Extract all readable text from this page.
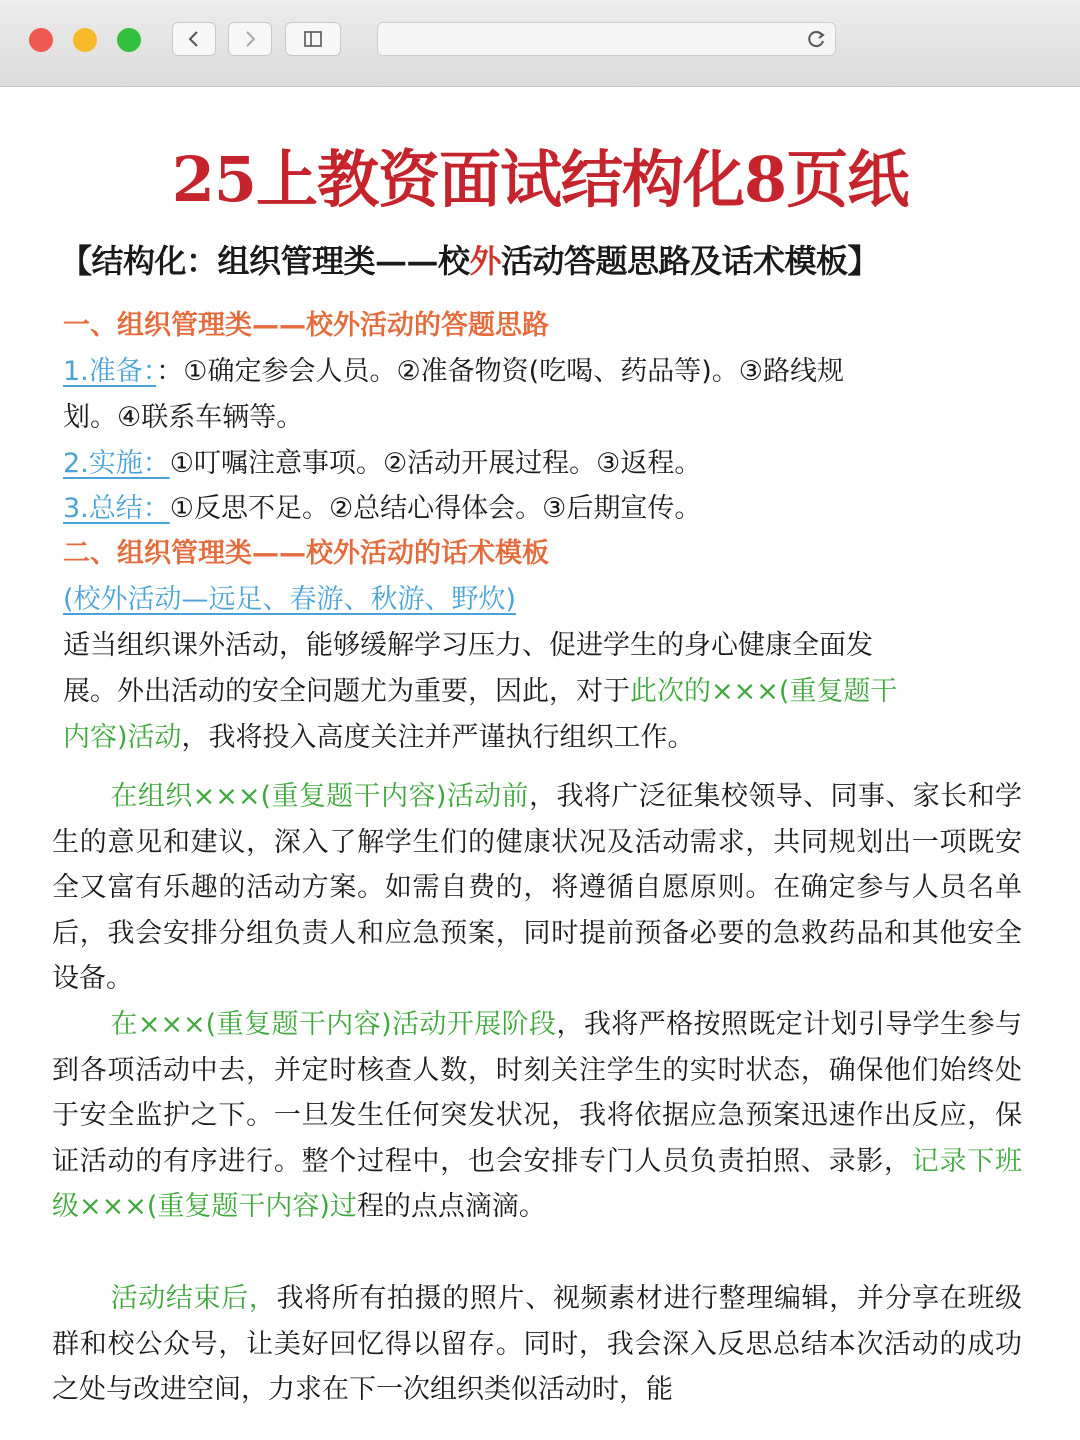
25上教资面试结构化8页纸
【结构化：组织管理类——校外活动答题思路及话术模板】
一、组织管理类——校外活动的答题思路
1.准备：：①确定参会人员。②准备物资(吃喝、药品等)。③路线规
划。④联系车辆等。
2.实施：①叮嘱注意事项。②活动开展过程。③返程。
3.总结：①反思不足。②总结心得体会。③后期宣传。
二、组织管理类——校外活动的话术模板
(校外活动—远足、春游、秋游、野炊)
适当组织课外活动，能够缓解学习压力、促进学生的身心健康全面发
展。外出活动的安全问题尤为重要，因此，对于此次的×××(重复题干
内容)活动，我将投入高度关注并严谨执行组织工作。
在组织×××(重复题干内容)活动前，我将广泛征集校领导、同事、家长和学生的意见和建议，深入了解学生们的健康状况及活动需求，共同规划出一项既安全又富有乐趣的活动方案。如需自费的，将遵循自愿原则。在确定参与人员名单后，我会安排分组负责人和应急预案，同时提前预备必要的急救药品和其他安全设备。
在×××(重复题干内容)活动开展阶段，我将严格按照既定计划引导学生参与到各项活动中去，并定时核查人数，时刻关注学生的实时状态，确保他们始终处于安全监护之下。一旦发生任何突发状况，我将依据应急预案迅速作出反应，保证活动的有序进行。整个过程中，也会安排专门人员负责拍照、录影，记录下班级×××(重复题干内容)过程的点点滴滴。
活动结束后，我将所有拍摄的照片、视频素材进行整理编辑，并分享在班级群和校公众号，让美好回忆得以留存。同时，我会深入反思总结本次活动的成功之处与改进空间，力求在下一次组织类似活动时，能
